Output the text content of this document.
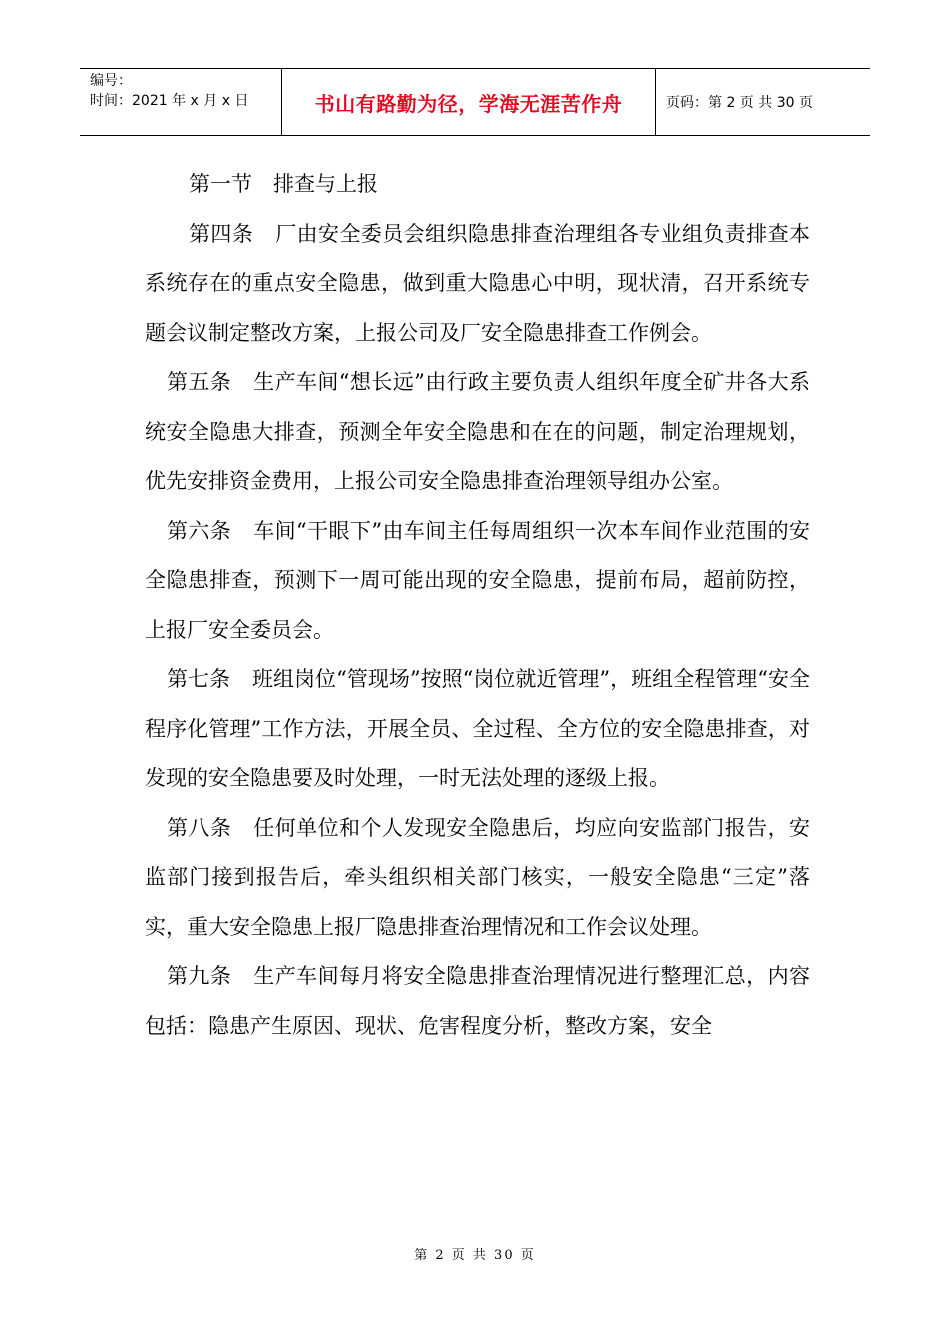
编号：
时间：2021 年 x 月 x 日	书山有路勤为径，学海无涯苦作舟	页码：第 2 页 共 30 页

第一节　排查与上报

第四条 厂由安全委员会组织隐患排查治理组各专业组负责排查本系统存在的重点安全隐患，做到重大隐患心中明，现状清，召开系统专题会议制定整改方案，上报公司及厂安全隐患排查工作例会。

第五条 生产车间“想长远”由行政主要负责人组织年度全矿井各大系统安全隐患大排查，预测全年安全隐患和在在的问题，制定治理规划，优先安排资金费用，上报公司安全隐患排查治理领导组办公室。

第六条 车间“干眼下”由车间主任每周组织一次本车间作业范围的安全隐患排查，预测下一周可能出现的安全隐患，提前布局，超前防控，上报厂安全委员会。

第七条 班组岗位“管现场”按照“岗位就近管理”，班组全程管理“安全程序化管理”工作方法，开展全员、全过程、全方位的安全隐患排查，对发现的安全隐患要及时处理，一时无法处理的逐级上报。

第八条 任何单位和个人发现安全隐患后，均应向安监部门报告，安监部门接到报告后，牵头组织相关部门核实，一般安全隐患“三定”落实，重大安全隐患上报厂隐患排查治理情况和工作会议处理。

第九条 生产车间每月将安全隐患排查治理情况进行整理汇总，内容包括：隐患产生原因、现状、危害程度分析，整改方案，安全

第 2 页 共 30 页
